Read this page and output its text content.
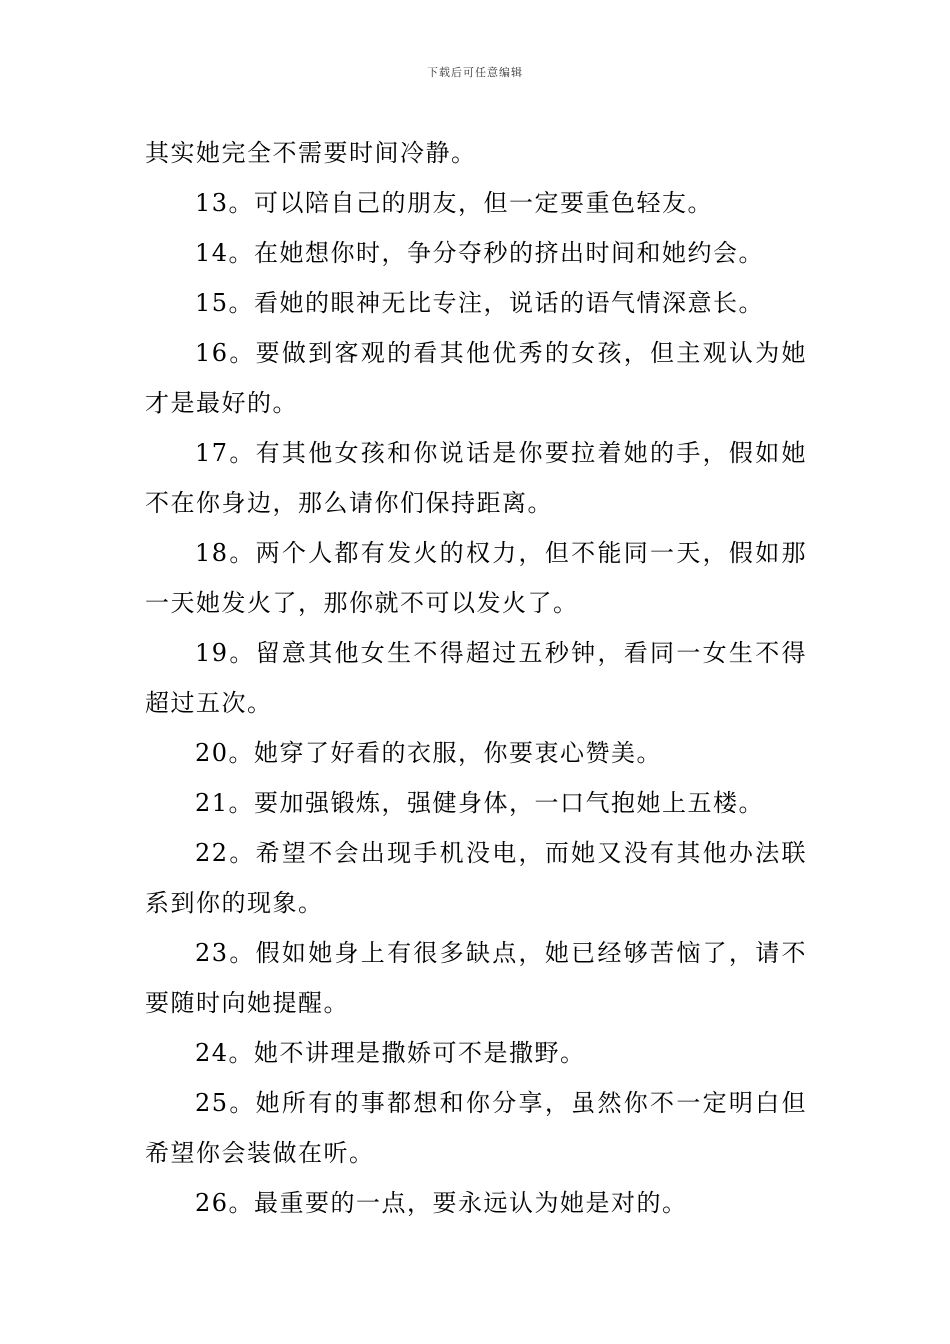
下载后可任意编辑

其实她完全不需要时间冷静。

13。可以陪自己的朋友，但一定要重色轻友。

14。在她想你时，争分夺秒的挤出时间和她约会。

15。看她的眼神无比专注，说话的语气情深意长。

16。要做到客观的看其他优秀的女孩，但主观认为她才是最好的。

17。有其他女孩和你说话是你要拉着她的手，假如她不在你身边，那么请你们保持距离。

18。两个人都有发火的权力，但不能同一天，假如那一天她发火了，那你就不可以发火了。

19。留意其他女生不得超过五秒钟，看同一女生不得超过五次。

20。她穿了好看的衣服，你要衷心赞美。

21。要加强锻炼，强健身体，一口气抱她上五楼。

22。希望不会出现手机没电，而她又没有其他办法联系到你的现象。

23。假如她身上有很多缺点，她已经够苦恼了，请不要随时向她提醒。

24。她不讲理是撒娇可不是撒野。

25。她所有的事都想和你分享，虽然你不一定明白但希望你会装做在听。

26。最重要的一点，要永远认为她是对的。
